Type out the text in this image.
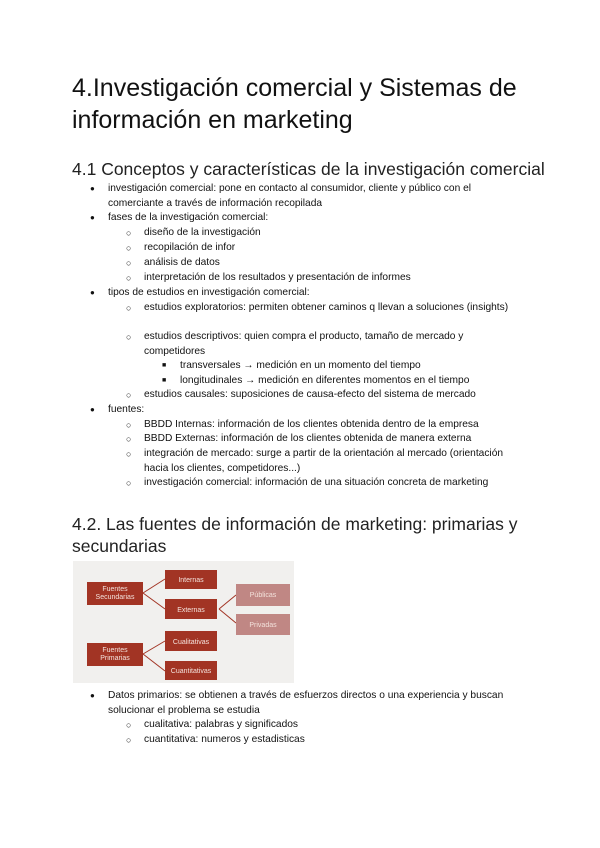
4.Investigación comercial y Sistemas de información en marketing
4.1 Conceptos y características de la investigación comercial
● investigación comercial: pone en contacto al consumidor, cliente y público con el comerciante a través de información recopilada
● fases de la investigación comercial:
○ diseño de la investigación
○ recopilación de infor
○ análisis de datos
○ interpretación de los resultados y presentación de informes
● tipos de estudios en investigación comercial:
○ estudios exploratorios: permiten obtener caminos q llevan a soluciones (insights)
○ estudios descriptivos: quien compra el producto, tamaño de mercado y competidores
■ transversales → medición en un momento del tiempo
■ longitudinales → medición en diferentes momentos en el tiempo
○ estudios causales: suposiciones de causa-efecto del sistema de mercado
● fuentes:
○ BBDD Internas: información de los clientes obtenida dentro de la empresa
○ BBDD Externas: información de los clientes obtenida de manera externa
○ integración de mercado: surge a partir de la orientación al mercado (orientación hacia los clientes, competidores...)
○ investigación comercial: información de una situación concreta de marketing
4.2. Las fuentes de información de marketing: primarias y secundarias
Fuentes Secundarias
Internas
Externas
Públicas
Privadas
Fuentes Primarias
Cualitativas
Cuantitativas
● Datos primarios: se obtienen a través de esfuerzos directos o una experiencia y buscan solucionar el problema se estudia
○ cualitativa: palabras y significados
○ cuantitativa: numeros y estadisticas
